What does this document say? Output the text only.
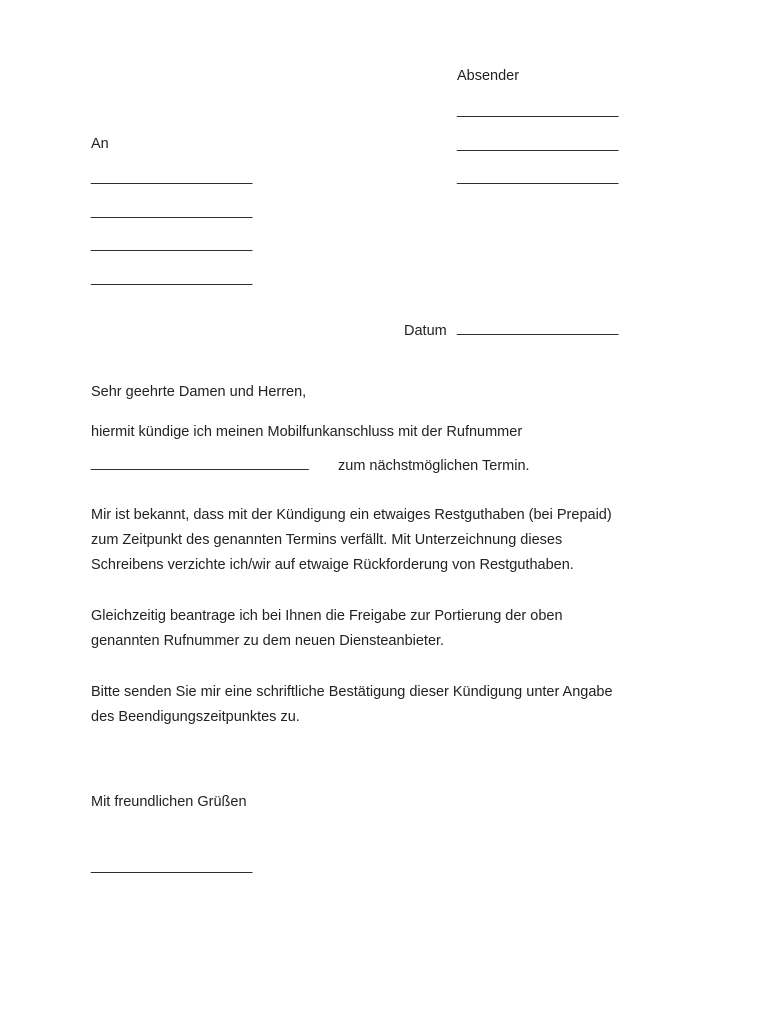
Absender
____________________
____________________
____________________
An
____________________
____________________
____________________
____________________
Datum ____________________
Sehr geehrte Damen und Herren,
hiermit kündige ich meinen Mobilfunkanschluss mit der Rufnummer
___________________________ zum nächstmöglichen Termin.
Mir ist bekannt, dass mit der Kündigung ein etwaiges Restguthaben (bei Prepaid)
zum Zeitpunkt des genannten Termins verfällt. Mit Unterzeichnung dieses
Schreibens verzichte ich/wir auf etwaige Rückforderung von Restguthaben.
Gleichzeitig beantrage ich bei Ihnen die Freigabe zur Portierung der oben
genannten Rufnummer zu dem neuen Diensteanbieter.
Bitte senden Sie mir eine schriftliche Bestätigung dieser Kündigung unter Angabe
des Beendigungszeitpunktes zu.
Mit freundlichen Grüßen
____________________
